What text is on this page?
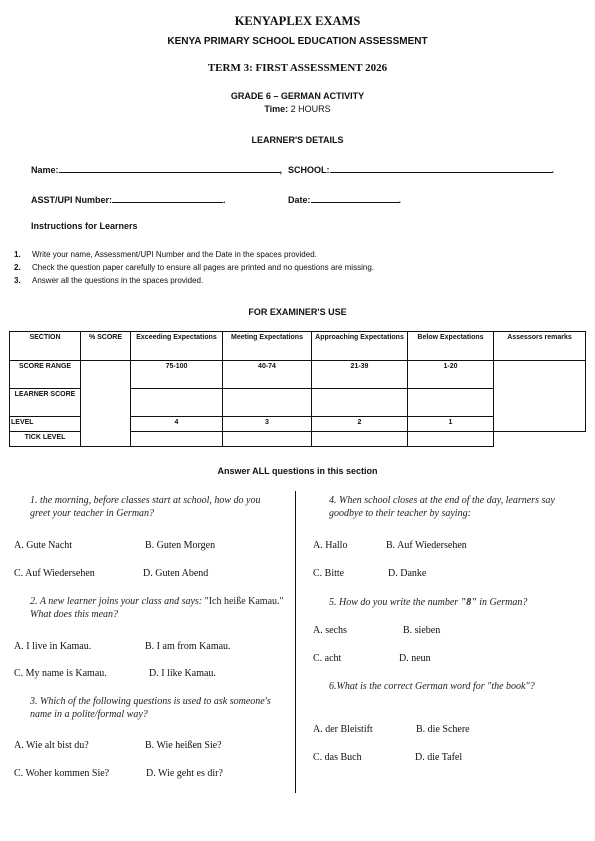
KENYAPLEX EXAMS
KENYA PRIMARY SCHOOL EDUCATION ASSESSMENT
TERM 3: FIRST ASSESSMENT 2026
GRADE 6 – GERMAN ACTIVITY
Time: 2 HOURS
LEARNER'S DETAILS
Name:	, SCHOOL:	.
ASST/UPI Number:	.	Date:	.
Instructions for Learners
1. Write your name, Assessment/UPI Number and the Date in the spaces provided.
2. Check the question paper carefully to ensure all pages are printed and no questions are missing.
3. Answer all the questions in the spaces provided.
FOR EXAMINER'S USE
SECTION	% SCORE	Exceeding Expectations	Meeting Expectations	Approaching Expectations	Below Expectations	Assessors remarks
SCORE RANGE		75-100	40-74	21-39	1-20	
LEARNER SCORE						
LEVEL		4	3	2	1	
TICK LEVEL						
Answer ALL questions in this section
1. the morning, before classes start at school, how do you greet your teacher in German?
A. Gute Nacht	B. Guten Morgen
C. Auf Wiedersehen	D. Guten Abend
2. A new learner joins your class and says: "Ich heiße Kamau." What does this mean?
A. I live in Kamau.	B. I am from Kamau.
C. My name is Kamau.	D. I like Kamau.
3. Which of the following questions is used to ask someone's name in a polite/formal way?
A. Wie alt bist du?	B. Wie heißen Sie?
C. Woher kommen Sie?	D. Wie geht es dir?
4. When school closes at the end of the day, learners say goodbye to their teacher by saying:
A. Hallo	B. Auf Wiedersehen
C. Bitte	D. Danke
5. How do you write the number "8" in German?
A. sechs	B. sieben
C. acht	D. neun
6.What is the correct German word for "the book"?
A. der Bleistift	B. die Schere
C. das Buch	D. die Tafel
